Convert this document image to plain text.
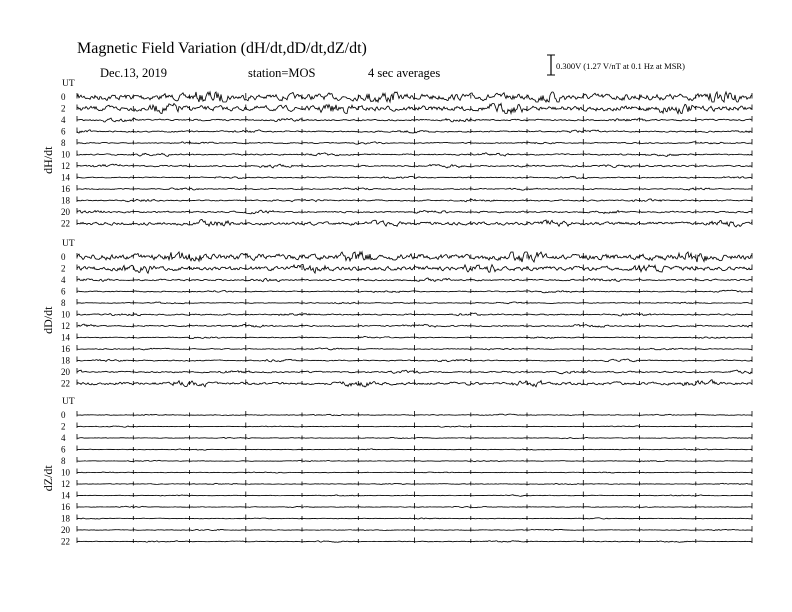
Magnetic Field Variation (dH/dt,dD/dt,dZ/dt)
Dec.13, 2019	station=MOS	4 sec averages	0.300V (1.27 V/nT at 0.1 Hz at MSR)
UT
dH/dt
0
2
4
6
8
10
12
14
16
18
20
22
UT
dD/dt
0
2
4
6
8
10
12
14
16
18
20
22
UT
dZ/dt
0
2
4
6
8
10
12
14
16
18
20
22
